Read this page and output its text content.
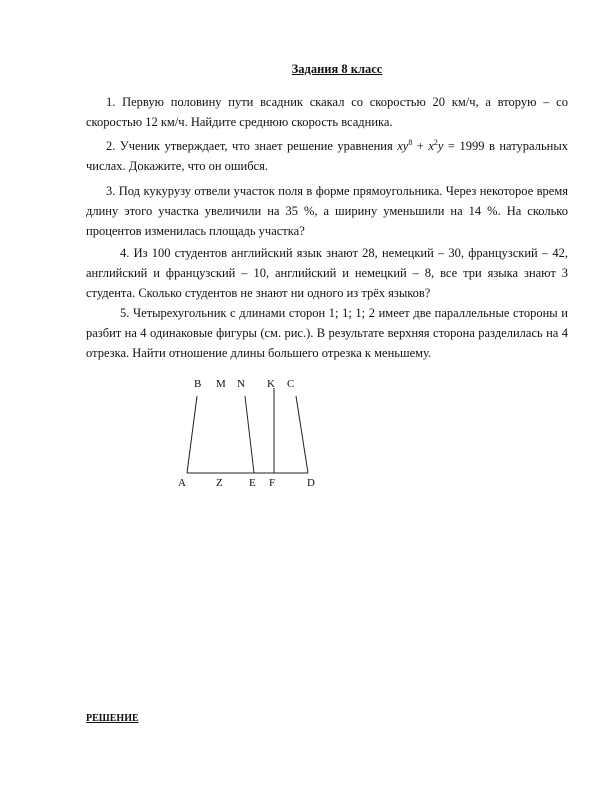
Задания 8 класс

1. Первую половину пути всадник скакал со скоростью 20 км/ч, а вторую – со скоростью 12 км/ч. Найдите среднюю скорость всадника.

2. Ученик утверждает, что знает решение уравнения $xy^8 + x^2y = 1999$ в натуральных числах. Докажите, что он ошибся.

3. Под кукурузу отвели участок поля в форме прямоугольника. Через некоторое время длину этого участка увеличили на 35 %, а ширину уменьшили на 14 %. На сколько процентов изменилась площадь участка?

4. Из 100 студентов английский язык знают 28, немецкий – 30, французский – 42, английский и французский – 10, английский и немецкий – 8, все три языка знают 3 студента. Сколько студентов не знают ни одного из трёх языков?

5. Четырехугольник с длинами сторон 1; 1; 1; 2 имеет две параллельные стороны и разбит на 4 одинаковые фигуры (см. рис.). В результате верхняя сторона разделилась на 4 отрезка. Найти отношение длины большего отрезка к меньшему.

B M N K C
A	Z E F	D

РЕШЕНИЕ
